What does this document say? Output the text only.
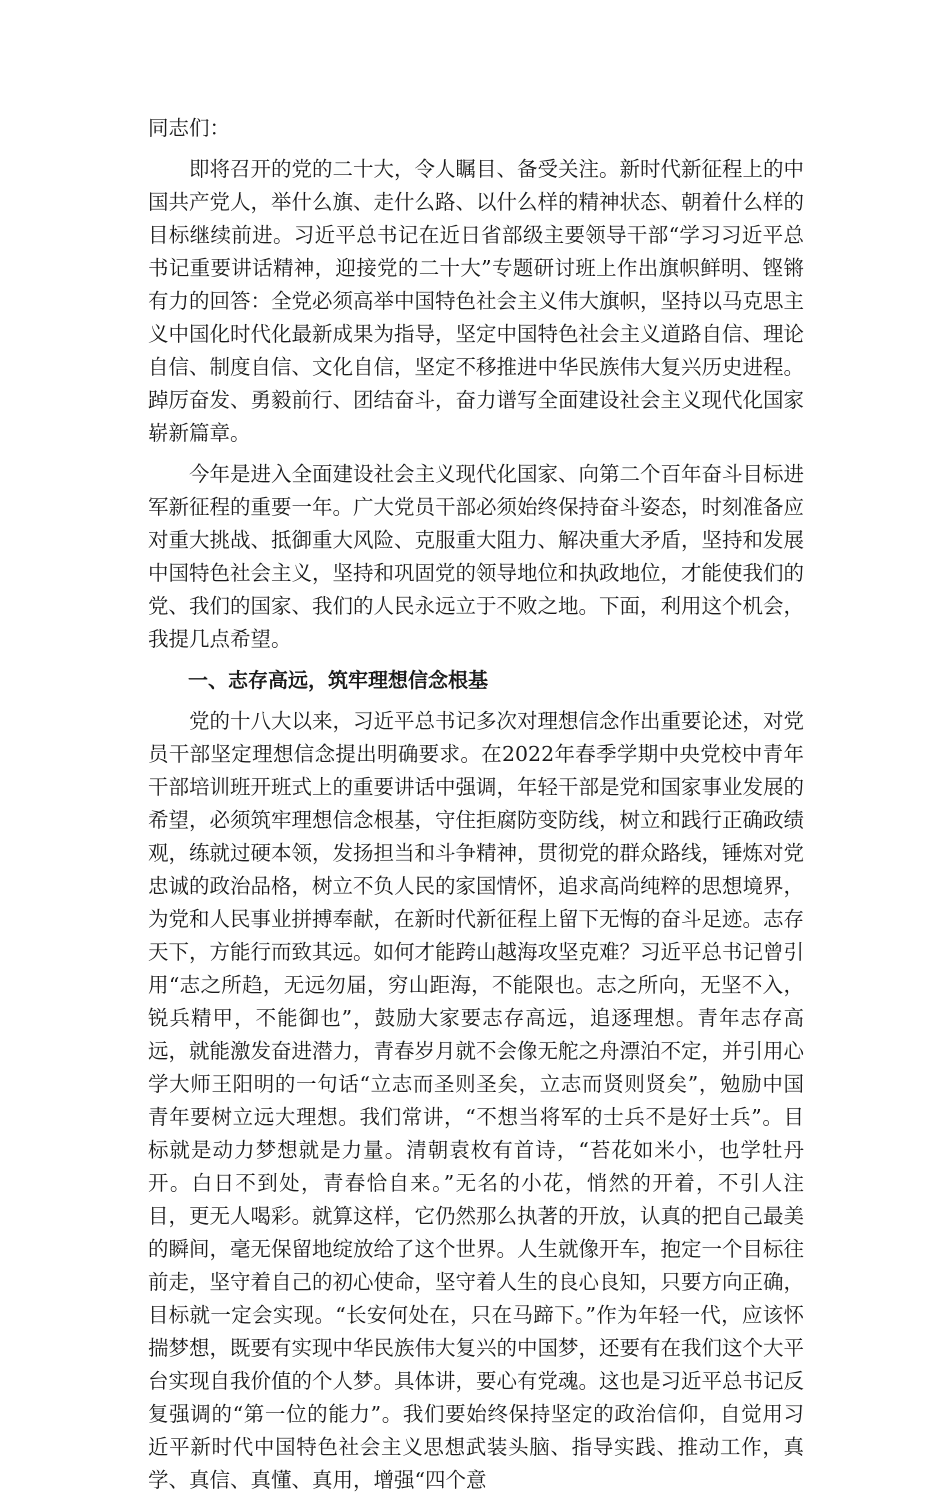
同志们：

即将召开的党的二十大，令人瞩目、备受关注。新时代新征程上的中国共产党人，举什么旗、走什么路、以什么样的精神状态、朝着什么样的目标继续前进。习近平总书记在近日省部级主要领导干部“学习习近平总书记重要讲话精神，迎接党的二十大”专题研讨班上作出旗帜鲜明、铿锵有力的回答：全党必须高举中国特色社会主义伟大旗帜，坚持以马克思主义中国化时代化最新成果为指导，坚定中国特色社会主义道路自信、理论自信、制度自信、文化自信，坚定不移推进中华民族伟大复兴历史进程。踔厉奋发、勇毅前行、团结奋斗，奋力谱写全面建设社会主义现代化国家崭新篇章。

今年是进入全面建设社会主义现代化国家、向第二个百年奋斗目标进军新征程的重要一年。广大党员干部必须始终保持奋斗姿态，时刻准备应对重大挑战、抵御重大风险、克服重大阻力、解决重大矛盾，坚持和发展中国特色社会主义，坚持和巩固党的领导地位和执政地位，才能使我们的党、我们的国家、我们的人民永远立于不败之地。下面，利用这个机会，我提几点希望。

一、志存高远，筑牢理想信念根基

党的十八大以来，习近平总书记多次对理想信念作出重要论述，对党员干部坚定理想信念提出明确要求。在2022年春季学期中央党校中青年干部培训班开班式上的重要讲话中强调，年轻干部是党和国家事业发展的希望，必须筑牢理想信念根基，守住拒腐防变防线，树立和践行正确政绩观，练就过硬本领，发扬担当和斗争精神，贯彻党的群众路线，锤炼对党忠诚的政治品格，树立不负人民的家国情怀，追求高尚纯粹的思想境界，为党和人民事业拼搏奉献，在新时代新征程上留下无悔的奋斗足迹。志存天下，方能行而致其远。如何才能跨山越海攻坚克难？习近平总书记曾引用“志之所趋，无远勿届，穷山距海，不能限也。志之所向，无坚不入，锐兵精甲，不能御也”，鼓励大家要志存高远，追逐理想。青年志存高远，就能激发奋进潜力，青春岁月就不会像无舵之舟漂泊不定，并引用心学大师王阳明的一句话“立志而圣则圣矣，立志而贤则贤矣”，勉励中国青年要树立远大理想。我们常讲，“不想当将军的士兵不是好士兵”。目标就是动力梦想就是力量。清朝袁枚有首诗，“苔花如米小，也学牡丹开。白日不到处，青春恰自来。”无名的小花，悄然的开着，不引人注目，更无人喝彩。就算这样，它仍然那么执著的开放，认真的把自己最美的瞬间，毫无保留地绽放给了这个世界。人生就像开车，抱定一个目标往前走，坚守着自己的初心使命，坚守着人生的良心良知，只要方向正确，目标就一定会实现。“长安何处在，只在马蹄下。”作为年轻一代，应该怀揣梦想，既要有实现中华民族伟大复兴的中国梦，还要有在我们这个大平台实现自我价值的个人梦。具体讲，要心有党魂。这也是习近平总书记反复强调的“第一位的能力”。我们要始终保持坚定的政治信仰，自觉用习近平新时代中国特色社会主义思想武装头脑、指导实践、推动工作，真学、真信、真懂、真用，增强“四个意
